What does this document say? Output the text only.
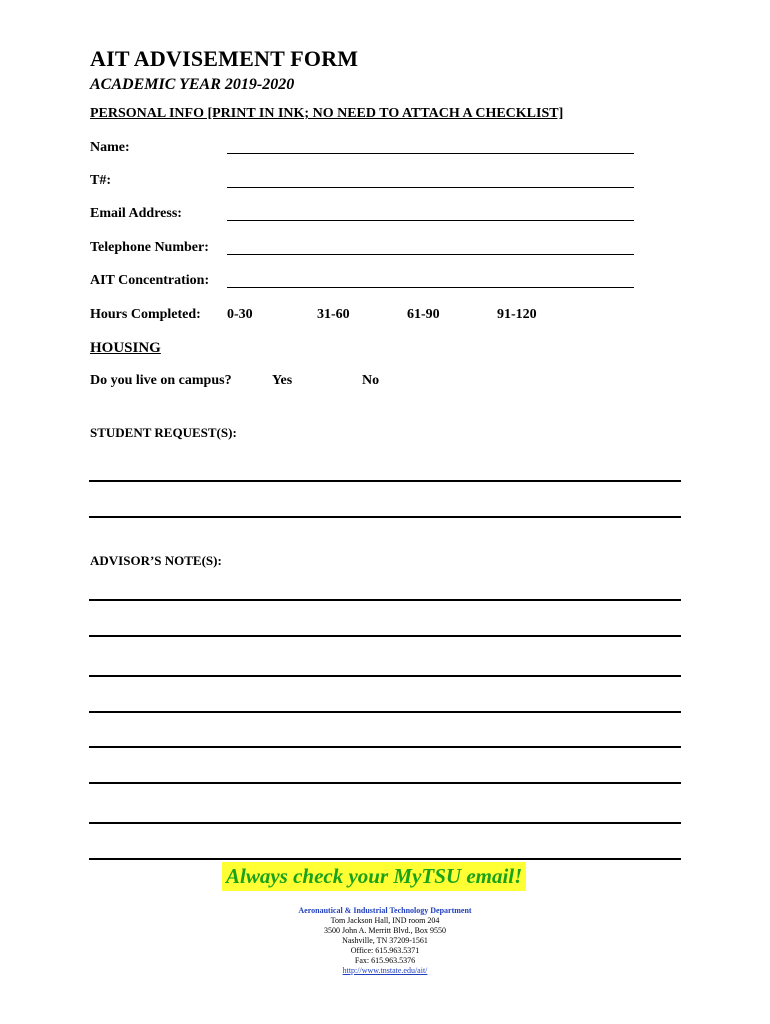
AIT ADVISEMENT FORM
ACADEMIC YEAR 2019-2020
PERSONAL INFO [PRINT IN INK; NO NEED TO ATTACH A CHECKLIST]
Name:
T#:
Email Address:
Telephone Number:
AIT Concentration:
Hours Completed: 0-30	31-60	61-90	91-120
HOUSING
Do you live on campus?	Yes	No
STUDENT REQUEST(S):
ADVISOR’S NOTE(S):
Always check your MyTSU email!
Aeronautical & Industrial Technology Department
Tom Jackson Hall, IND room 204
3500 John A. Merritt Blvd., Box 9550
Nashville, TN 37209-1561
Office: 615.963.5371
Fax: 615.963.5376
http://www.tnstate.edu/ait/
